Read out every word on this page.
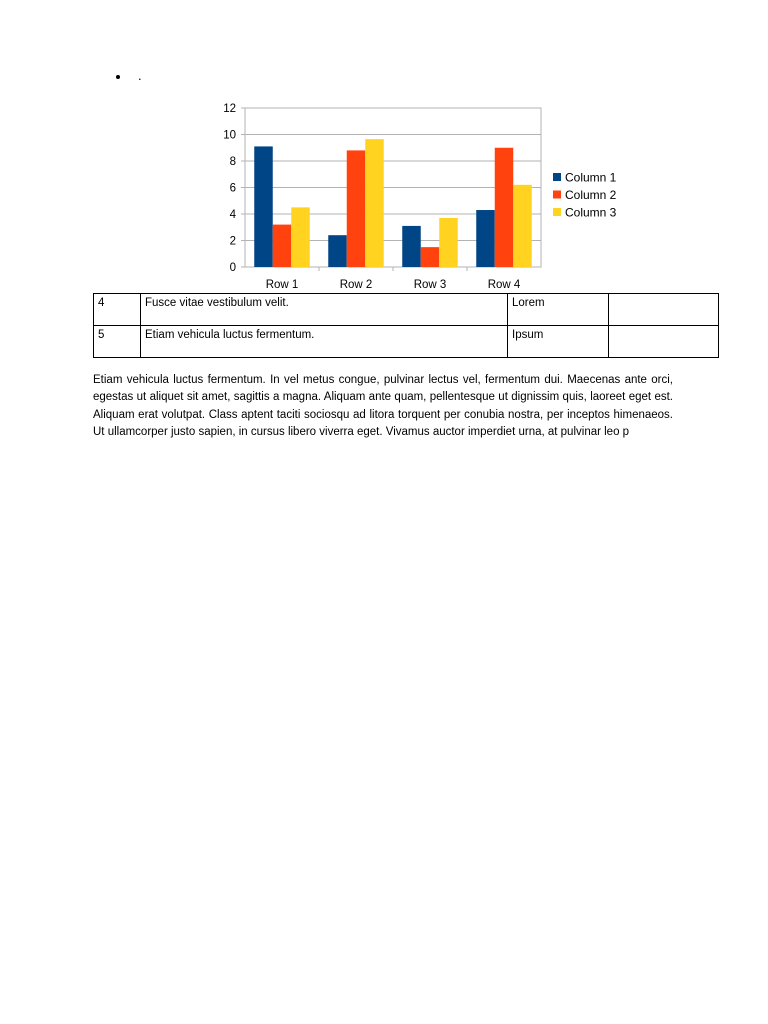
.
0
2
4
6
8
10
12
Row 1	Row 2	Row 3	Row 4
Column 1
Column 2
Column 3
4	Fusce vitae vestibulum velit.	Lorem	
5	Etiam vehicula luctus fermentum.	Ipsum	

Etiam vehicula luctus fermentum. In vel metus congue, pulvinar lectus vel, fermentum dui. Maecenas ante orci, egestas ut aliquet sit amet, sagittis a magna. Aliquam ante quam, pellentesque ut dignissim quis, laoreet eget est. Aliquam erat volutpat. Class aptent taciti sociosqu ad litora torquent per conubia nostra, per inceptos himenaeos. Ut ullamcorper justo sapien, in cursus libero viverra eget. Vivamus auctor imperdiet urna, at pulvinar leo p
